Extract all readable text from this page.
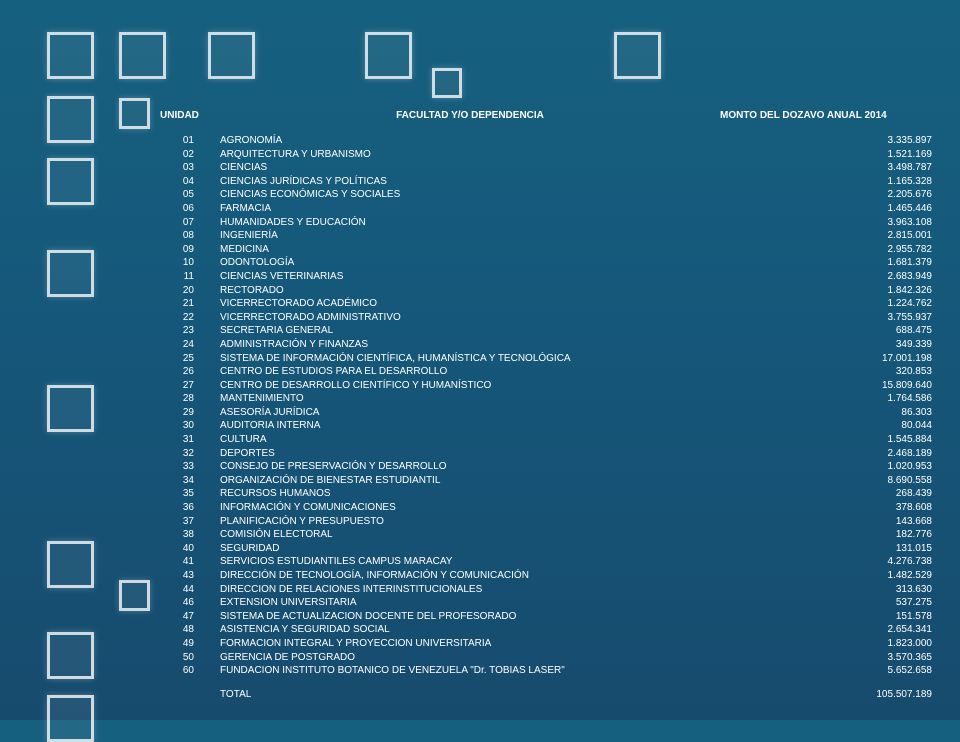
UNIDAD		FACULTAD Y/O DEPENDENCIA	MONTO DEL DOZAVO ANUAL 2014

01		AGRONOMÍA	3.335.897
02		ARQUITECTURA Y URBANISMO	1.521.169
03		CIENCIAS	3.498.787
04		CIENCIAS JURÍDICAS Y POLÍTICAS	1.165.328
05		CIENCIAS ECONÓMICAS Y SOCIALES	2.205.676
06		FARMACIA	1.465.446
07		HUMANIDADES Y EDUCACIÓN	3.963.108
08		INGENIERÍA	2.815.001
09		MEDICINA	2.955.782
10		ODONTOLOGÍA	1.681.379
11		CIENCIAS VETERINARIAS	2.683.949
20		RECTORADO	1.842.326
21		VICERRECTORADO ACADÉMICO	1.224.762
22		VICERRECTORADO ADMINISTRATIVO	3.755.937
23		SECRETARIA GENERAL	688.475
24		ADMINISTRACIÓN Y FINANZAS	349.339
25		SISTEMA DE INFORMACIÓN CIENTÍFICA, HUMANÍSTICA Y TECNOLÓGICA	17.001.198
26		CENTRO DE ESTUDIOS PARA EL DESARROLLO	320.853
27		CENTRO DE DESARROLLO CIENTÍFICO Y HUMANÍSTICO	15.809.640
28		MANTENIMIENTO	1.764.586
29		ASESORÍA JURÍDICA	86.303
30		AUDITORIA INTERNA	80.044
31		CULTURA	1.545.884
32		DEPORTES	2.468.189
33		CONSEJO DE PRESERVACIÓN Y DESARROLLO	1.020.953
34		ORGANIZACIÓN DE BIENESTAR ESTUDIANTIL	8.690.558
35		RECURSOS HUMANOS	268.439
36		INFORMACIÓN Y COMUNICACIONES	378.608
37		PLANIFICACIÓN Y PRESUPUESTO	143.668
38		COMISIÓN ELECTORAL	182.776
40		SEGURIDAD	131.015
41		SERVICIOS ESTUDIANTILES CAMPUS MARACAY	4.276.738
43		DIRECCIÓN DE TECNOLOGÍA, INFORMACIÓN Y COMUNICACIÓN	1.482.529
44		DIRECCION DE RELACIONES INTERINSTITUCIONALES	313.630
46		EXTENSION UNIVERSITARIA	537.275
47		SISTEMA DE ACTUALIZACION DOCENTE DEL PROFESORADO	151.578
48		ASISTENCIA Y SEGURIDAD SOCIAL	2.654.341
49		FORMACION INTEGRAL Y PROYECCION UNIVERSITARIA	1.823.000
50		GERENCIA DE POSTGRADO	3.570.365
60		FUNDACION INSTITUTO BOTANICO DE VENEZUELA "Dr. TOBIAS LASER"	5.652.658

		TOTAL	105.507.189
